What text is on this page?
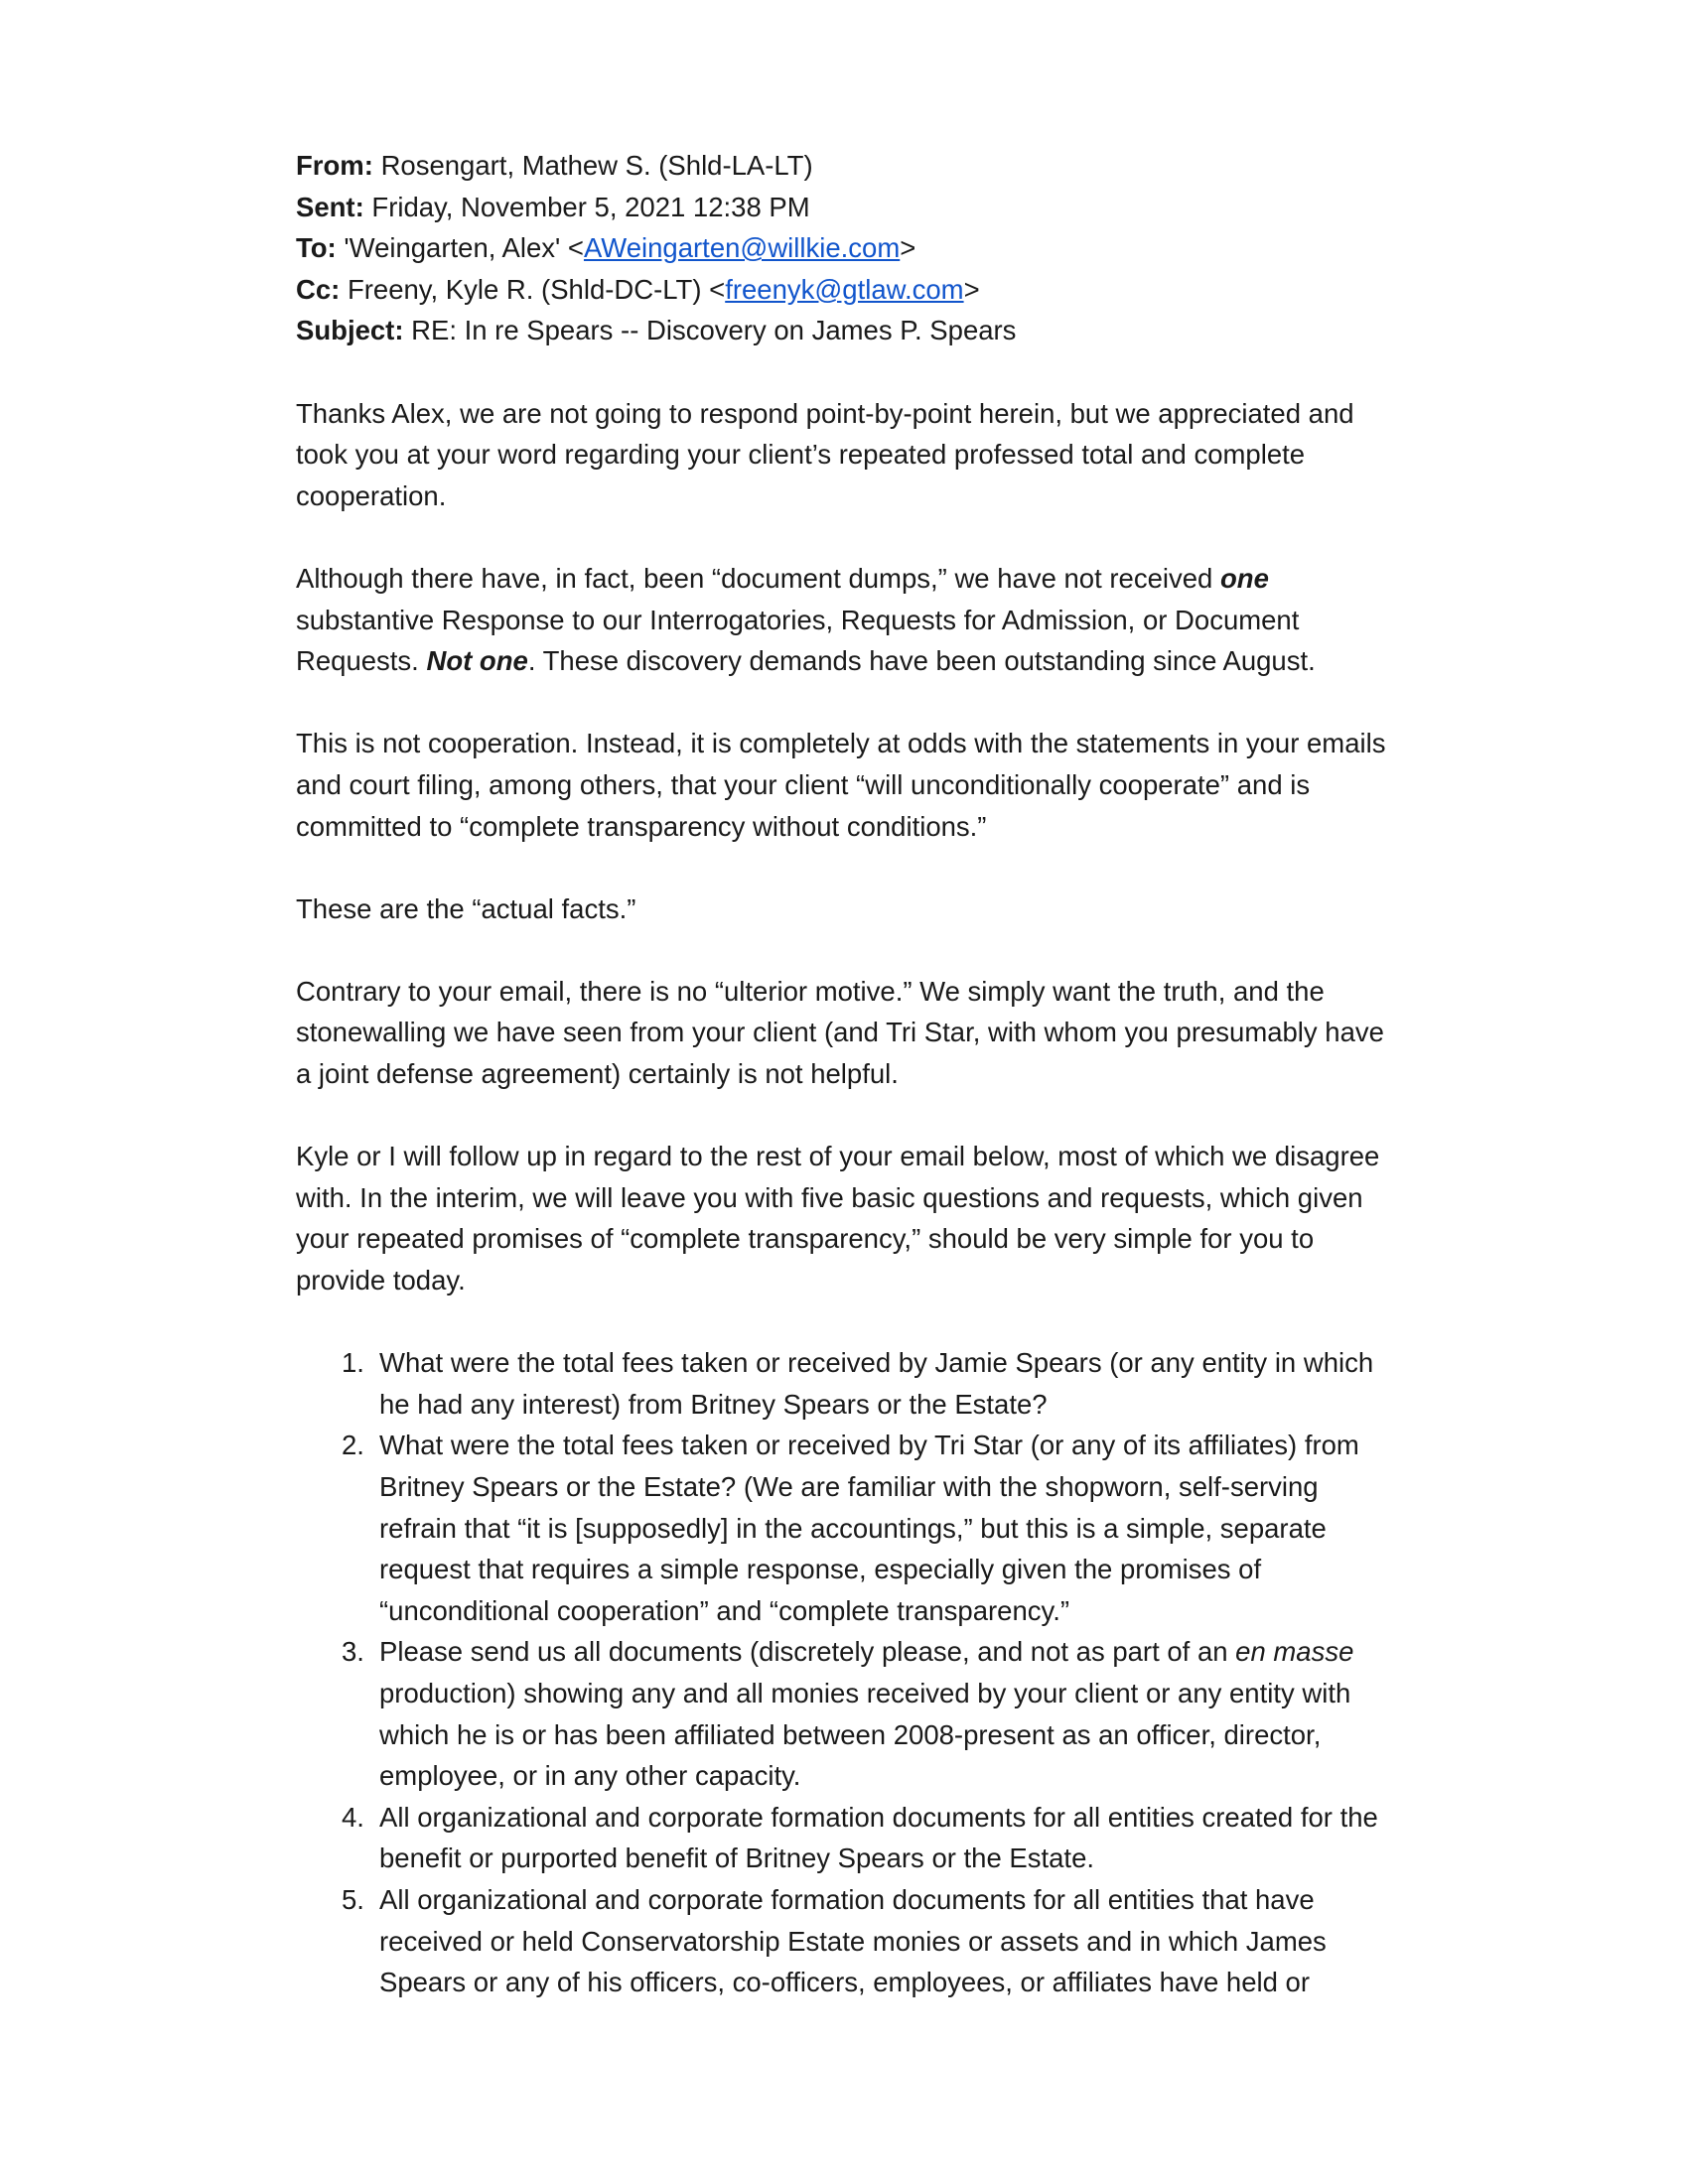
From: Rosengart, Mathew S. (Shld-LA-LT)
Sent: Friday, November 5, 2021 12:38 PM
To: 'Weingarten, Alex' <AWeingarten@willkie.com>
Cc: Freeny, Kyle R. (Shld-DC-LT) <freenyk@gtlaw.com>
Subject: RE: In re Spears -- Discovery on James P. Spears

Thanks Alex, we are not going to respond point-by-point herein, but we appreciated and took you at your word regarding your client’s repeated professed total and complete cooperation.

Although there have, in fact, been “document dumps,” we have not received one substantive Response to our Interrogatories, Requests for Admission, or Document Requests. Not one. These discovery demands have been outstanding since August.

This is not cooperation. Instead, it is completely at odds with the statements in your emails and court filing, among others, that your client “will unconditionally cooperate” and is committed to “complete transparency without conditions.”

These are the “actual facts.”

Contrary to your email, there is no “ulterior motive.” We simply want the truth, and the stonewalling we have seen from your client (and Tri Star, with whom you presumably have a joint defense agreement) certainly is not helpful.

Kyle or I will follow up in regard to the rest of your email below, most of which we disagree with. In the interim, we will leave you with five basic questions and requests, which given your repeated promises of “complete transparency,” should be very simple for you to provide today.

1. What were the total fees taken or received by Jamie Spears (or any entity in which he had any interest) from Britney Spears or the Estate?
2. What were the total fees taken or received by Tri Star (or any of its affiliates) from Britney Spears or the Estate? (We are familiar with the shopworn, self-serving refrain that “it is [supposedly] in the accountings,” but this is a simple, separate request that requires a simple response, especially given the promises of “unconditional cooperation” and “complete transparency.”
3. Please send us all documents (discretely please, and not as part of an en masse production) showing any and all monies received by your client or any entity with which he is or has been affiliated between 2008-present as an officer, director, employee, or in any other capacity.
4. All organizational and corporate formation documents for all entities created for the benefit or purported benefit of Britney Spears or the Estate.
5. All organizational and corporate formation documents for all entities that have received or held Conservatorship Estate monies or assets and in which James Spears or any of his officers, co-officers, employees, or affiliates have held or
